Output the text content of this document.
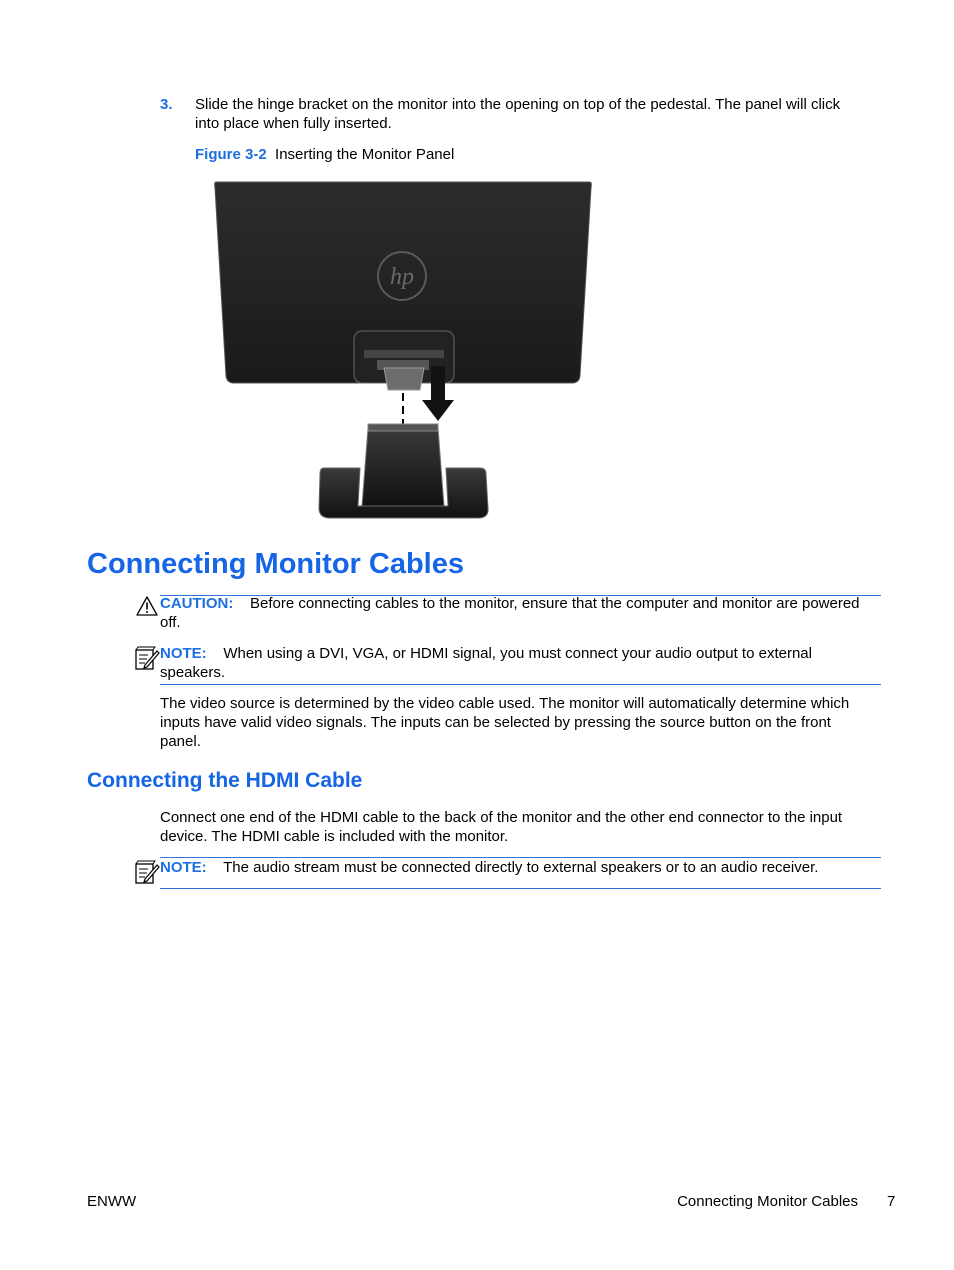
3. Slide the hinge bracket on the monitor into the opening on top of the pedestal. The panel will click into place when fully inserted.
Figure 3-2 Inserting the Monitor Panel
hp
Connecting Monitor Cables
CAUTION: Before connecting cables to the monitor, ensure that the computer and monitor are powered off.
NOTE: When using a DVI, VGA, or HDMI signal, you must connect your audio output to external speakers.
The video source is determined by the video cable used. The monitor will automatically determine which inputs have valid video signals. The inputs can be selected by pressing the source button on the front panel.
Connecting the HDMI Cable
Connect one end of the HDMI cable to the back of the monitor and the other end connector to the input device. The HDMI cable is included with the monitor.
NOTE: The audio stream must be connected directly to external speakers or to an audio receiver.
ENWW	Connecting Monitor Cables 7
